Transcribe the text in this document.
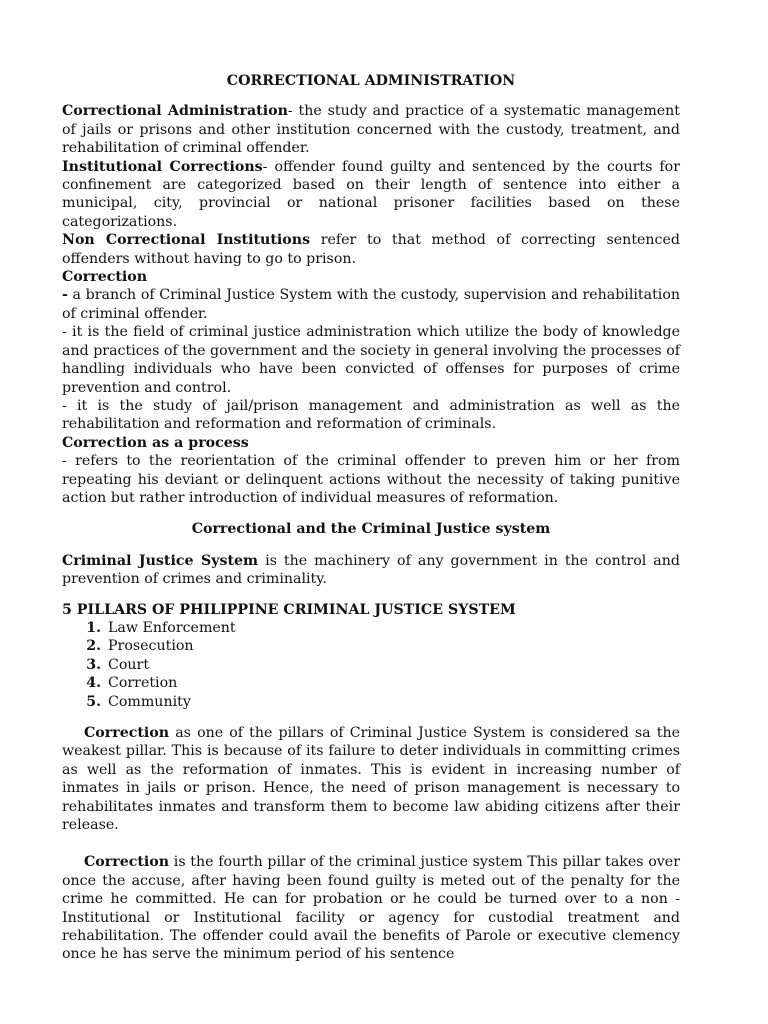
CORRECTIONAL ADMINISTRATION

Correctional Administration- the study and practice of a systematic management of jails or prisons and other institution concerned with the custody, treatment, and rehabilitation of criminal offender.

Institutional Corrections- offender found guilty and sentenced by the courts for confinement are categorized based on their length of sentence into either a municipal, city, provincial or national prisoner facilities based on these categorizations.

Non Correctional Institutions refer to that method of correcting sentenced offenders without having to go to prison.

Correction

- a branch of Criminal Justice System with the custody, supervision and rehabilitation of criminal offender.

- it is the field of criminal justice administration which utilize the body of knowledge and practices of the government and the society in general involving the processes of handling individuals who have been convicted of offenses for purposes of crime prevention and control.

- it is the study of jail/prison management and administration as well as the rehabilitation and reformation and reformation of criminals.

Correction as a process

- refers to the reorientation of the criminal offender to preven him or her from repeating his deviant or delinquent actions without the necessity of taking punitive action but rather introduction of individual measures of reformation.

Correctional and the Criminal Justice system

Criminal Justice System is the machinery of any government in the control and prevention of crimes and criminality.

5 PILLARS OF PHILIPPINE CRIMINAL JUSTICE SYSTEM
1. Law Enforcement
2. Prosecution
3. Court
4. Corretion
5. Community

Correction as one of the pillars of Criminal Justice System is considered sa the weakest pillar. This is because of its failure to deter individuals in committing crimes as well as the reformation of inmates. This is evident in increasing number of inmates in jails or prison. Hence, the need of prison management is necessary to rehabilitates inmates and transform them to become law abiding citizens after their release.

Correction is the fourth pillar of the criminal justice system This pillar takes over once the accuse, after having been found guilty is meted out of the penalty for the crime he committed. He can for probation or he could be turned over to a non - Institutional or Institutional facility or agency for custodial treatment and rehabilitation. The offender could avail the benefits of Parole or executive clemency once he has serve the minimum period of his sentence
